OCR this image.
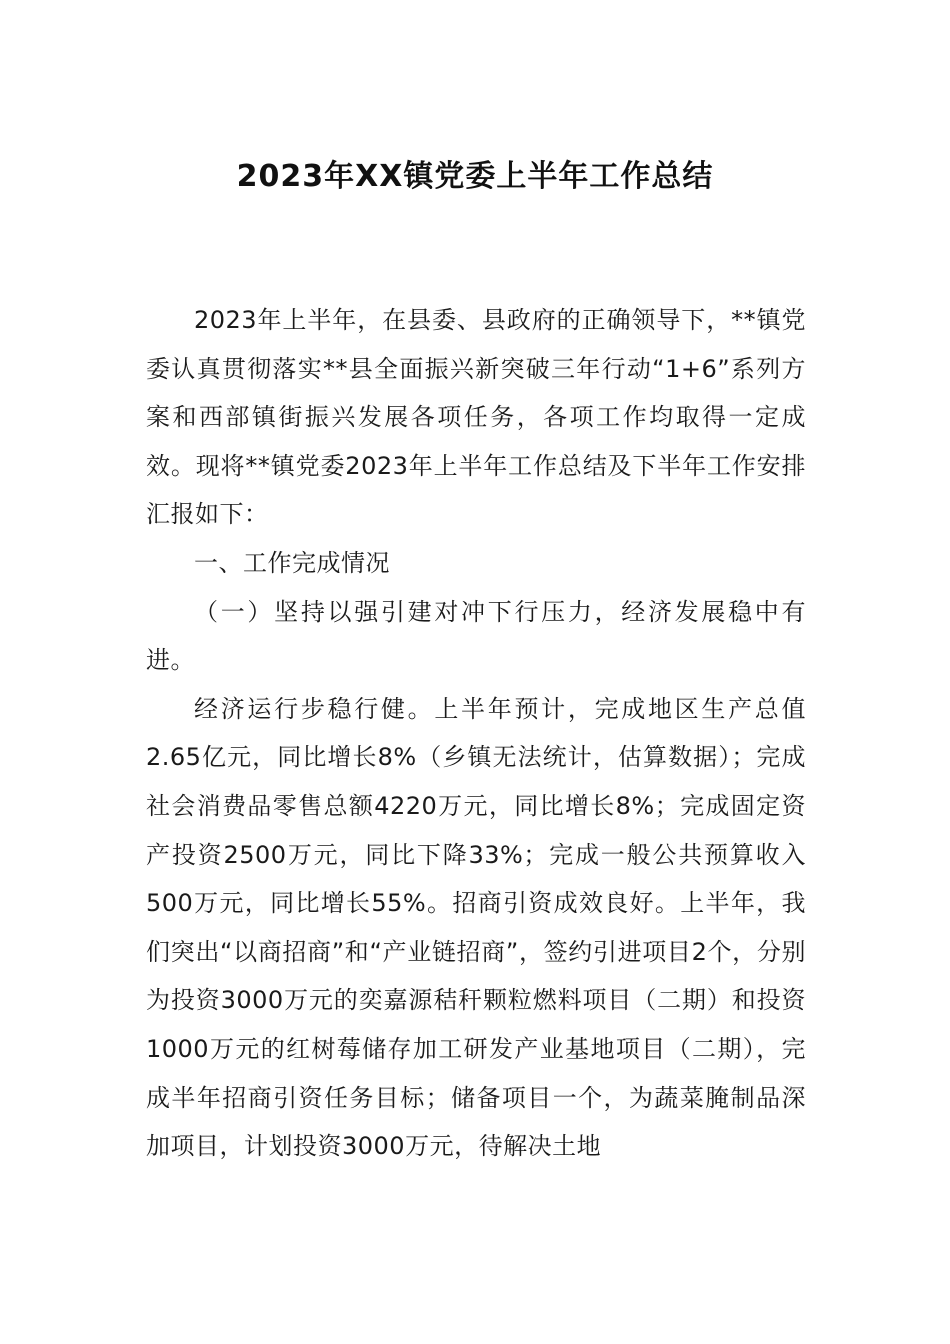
2023年XX镇党委上半年工作总结

2023年上半年，在县委、县政府的正确领导下，**镇党委认真贯彻落实**县全面振兴新突破三年行动“1+6”系列方案和西部镇街振兴发展各项任务，各项工作均取得一定成效。现将**镇党委2023年上半年工作总结及下半年工作安排汇报如下：

一、工作完成情况

（一）坚持以强引建对冲下行压力，经济发展稳中有进。

经济运行步稳行健。上半年预计，完成地区生产总值2.65亿元，同比增长8%（乡镇无法统计，估算数据）；完成社会消费品零售总额4220万元，同比增长8%；完成固定资产投资2500万元，同比下降33%；完成一般公共预算收入500万元，同比增长55%。招商引资成效良好。上半年，我们突出“以商招商”和“产业链招商”，签约引进项目2个，分别为投资3000万元的奕嘉源秸秆颗粒燃料项目（二期）和投资1000万元的红树莓储存加工研发产业基地项目（二期），完成半年招商引资任务目标；储备项目一个，为蔬菜腌制品深加项目，计划投资3000万元，待解决土地
